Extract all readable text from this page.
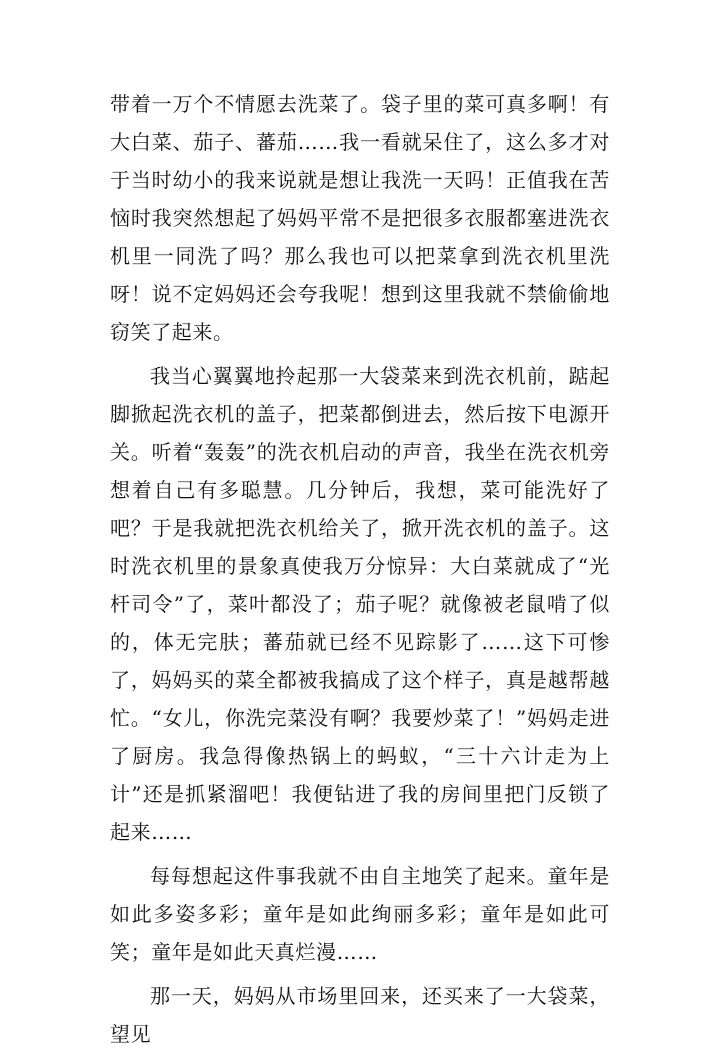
带着一万个不情愿去洗菜了。袋子里的菜可真多啊！有大白菜、茄子、蕃茄……我一看就呆住了，这么多才对于当时幼小的我来说就是想让我洗一天吗！正值我在苦恼时我突然想起了妈妈平常不是把很多衣服都塞进洗衣机里一同洗了吗？那么我也可以把菜拿到洗衣机里洗呀！说不定妈妈还会夸我呢！想到这里我就不禁偷偷地窃笑了起来。

我当心翼翼地拎起那一大袋菜来到洗衣机前，踮起脚掀起洗衣机的盖子，把菜都倒进去，然后按下电源开关。听着“轰轰”的洗衣机启动的声音，我坐在洗衣机旁想着自己有多聪慧。几分钟后，我想，菜可能洗好了吧？于是我就把洗衣机给关了，掀开洗衣机的盖子。这时洗衣机里的景象真使我万分惊异：大白菜就成了“光杆司令”了，菜叶都没了；茄子呢？就像被老鼠啃了似的，体无完肤；蕃茄就已经不见踪影了……这下可惨了，妈妈买的菜全都被我搞成了这个样子，真是越帮越忙。“女儿，你洗完菜没有啊？我要炒菜了！”妈妈走进了厨房。我急得像热锅上的蚂蚁，“三十六计走为上计”还是抓紧溜吧！我便钻进了我的房间里把门反锁了起来……

每每想起这件事我就不由自主地笑了起来。童年是如此多姿多彩；童年是如此绚丽多彩；童年是如此可笑；童年是如此天真烂漫……

那一天，妈妈从市场里回来，还买来了一大袋菜，望见
